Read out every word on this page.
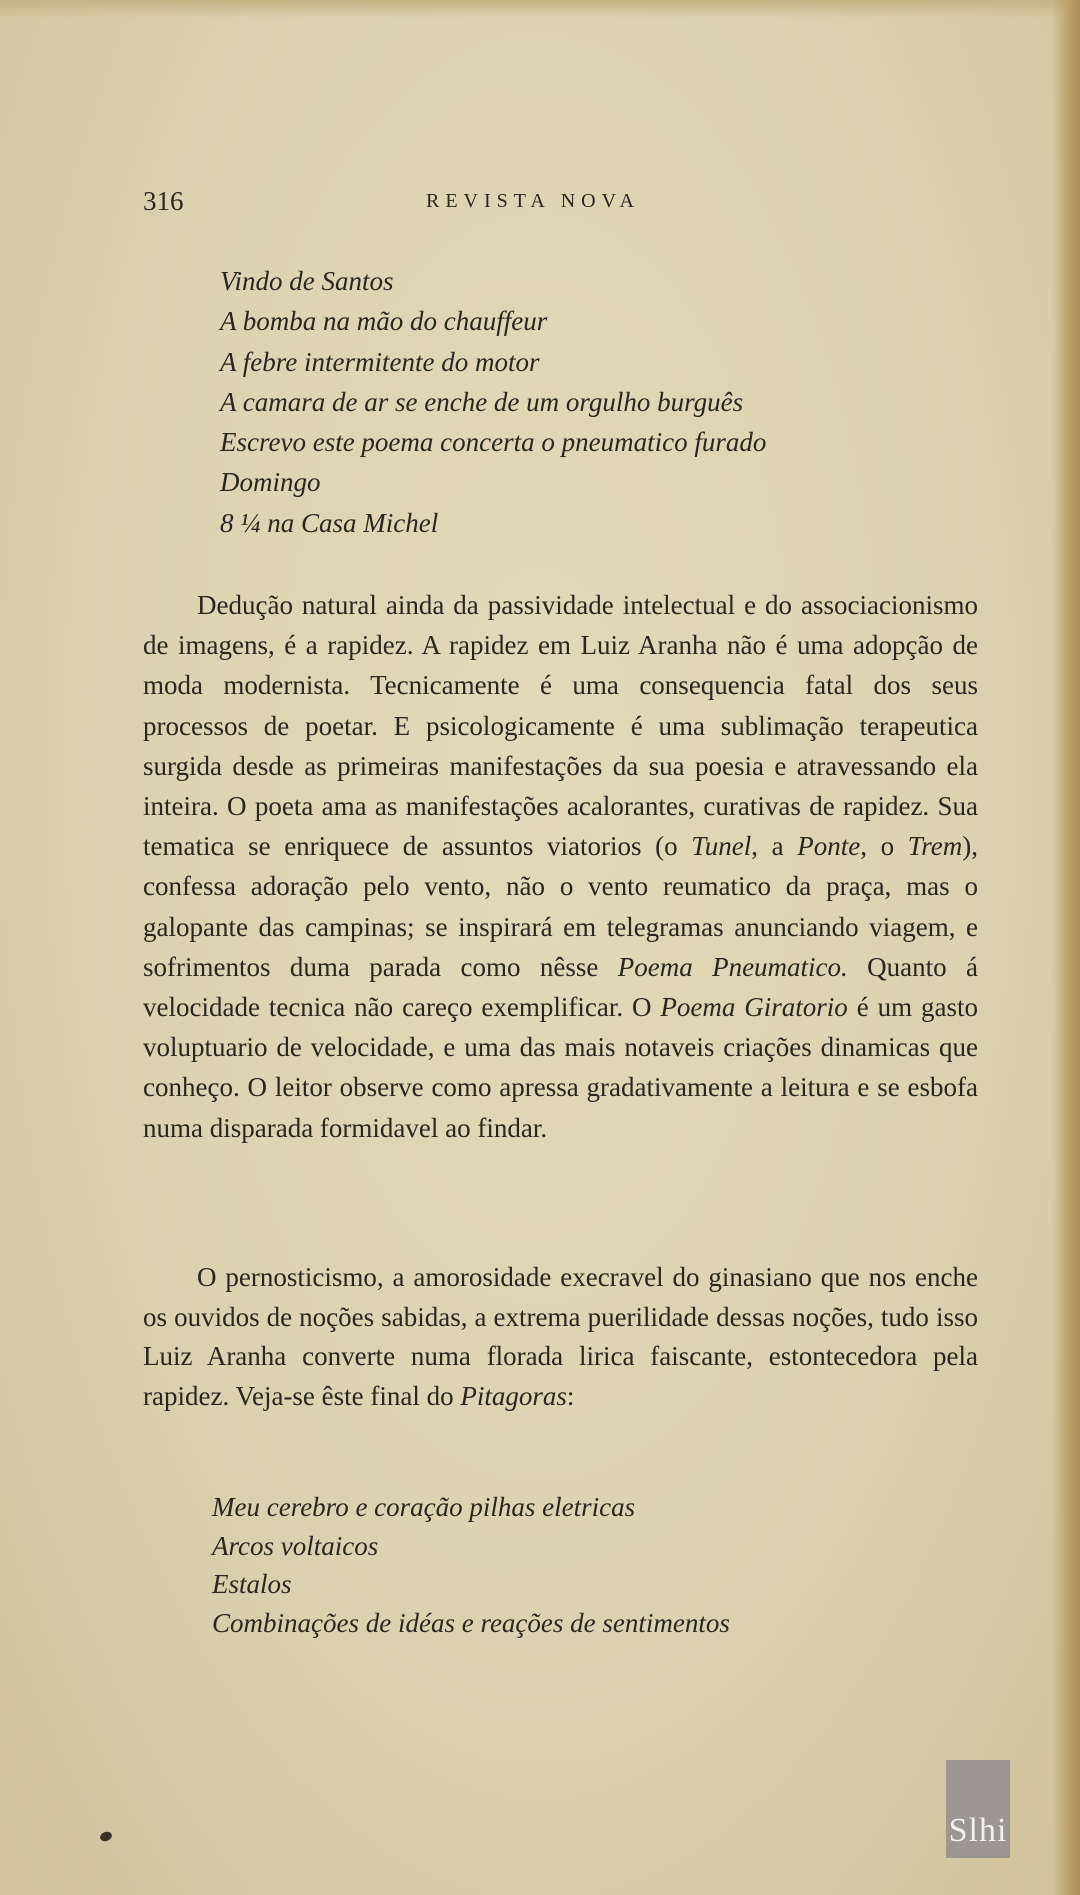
316	REVISTA NOVA
Vindo de Santos
A bomba na mão do chauffeur
A febre intermitente do motor
A camara de ar se enche de um orgulho burguês
Escrevo este poema concerta o pneumatico furado
Domingo
8 ¼ na Casa Michel

Dedução natural ainda da passividade intelectual e do associacionismo de imagens, é a rapidez. A rapidez em Luiz Aranha não é uma adopção de moda modernista. Tecnicamente é uma consequencia fatal dos seus processos de poetar. E psicologicamente é uma sublimação terapeutica surgida desde as primeiras manifestações da sua poesia e atravessando ela inteira. O poeta ama as manifestações acalorantes, curativas de rapidez. Sua tematica se enriquece de assuntos viatorios (o Tunel, a Ponte, o Trem), confessa adoração pelo vento, não o vento reumatico da praça, mas o galopante das campinas; se inspirará em telegramas anunciando viagem, e sofrimentos duma parada como nêsse Poema Pneumatico. Quanto á velocidade tecnica não careço exemplificar. O Poema Giratorio é um gasto voluptuario de velocidade, e uma das mais notaveis criações dinamicas que conheço. O leitor observe como apressa gradativamente a leitura e se esbofa numa disparada formidavel ao findar.

O pernosticismo, a amorosidade execravel do ginasiano que nos enche os ouvidos de noções sabidas, a extrema puerilidade dessas noções, tudo isso Luiz Aranha converte numa florada lirica faiscante, estontecedora pela rapidez. Veja-se êste final do Pitagoras:

Meu cerebro e coração pilhas eletricas
Arcos voltaicos
Estalos
Combinações de idéas e reações de sentimentos
Slhi
